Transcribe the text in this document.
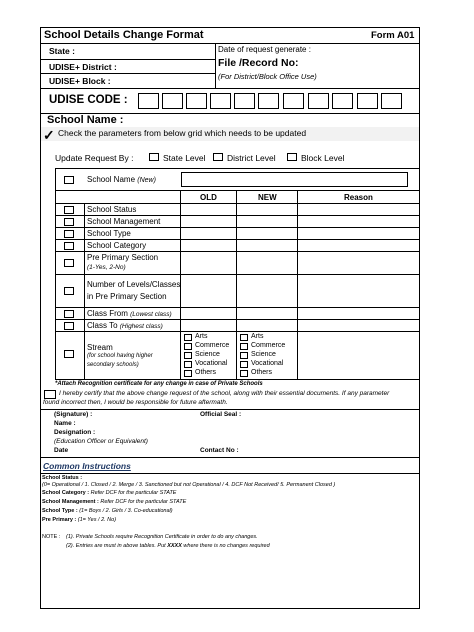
School Details Change Format	Form A01
State :
UDISE+ District :
UDISE+ Block :
Date of request generate :
File /Record No:
(For District/Block Office Use)
UDISE CODE :
School Name :
✓ Check the parameters from below grid which needs to be updated
Update Request By :	State Level	District Level	Block Level
School Name (New)
OLD	NEW	Reason
School Status
School Management
School Type
School Category
Pre Primary Section
(1-Yes, 2-No)
Number of Levels/Classes
in Pre Primary Section
Class From (Lowest class)
Class To (Highest class)
Stream
(for school having higher
secondary schools)
Arts
Commerce
Science
Vocational
Others
Arts
Commerce
Science
Vocational
Others
*Attach Recognition certificate for any change in case of Private Schools
I hereby certify that the above change request of the school, along with their essential documents. If any parameter
found incorrect then, I would be responsible for future aftermath.
(Signature) :	Official Seal :
Name :
Designation :
(Education Officer or Equivalent)
Date	Contact No :
Common Instructions
School Status :
(0= Operational / 1. Closed / 2. Merge / 3. Sanctioned but not Operational / 4. DCF Not Received/ 5. Permanent Closed )
School Category : Refer DCF for the particular STATE
School Management : Refer DCF for the particular STATE
School Type : (1= Boys / 2. Girls / 3. Co-educational)
Pre Primary : (1= Yes / 2. No)
NOTE : (1). Private Schools require Recognition Certificate in order to do any changes.
(2). Entries are must in above tables. Put XXXX where there is no changes required
